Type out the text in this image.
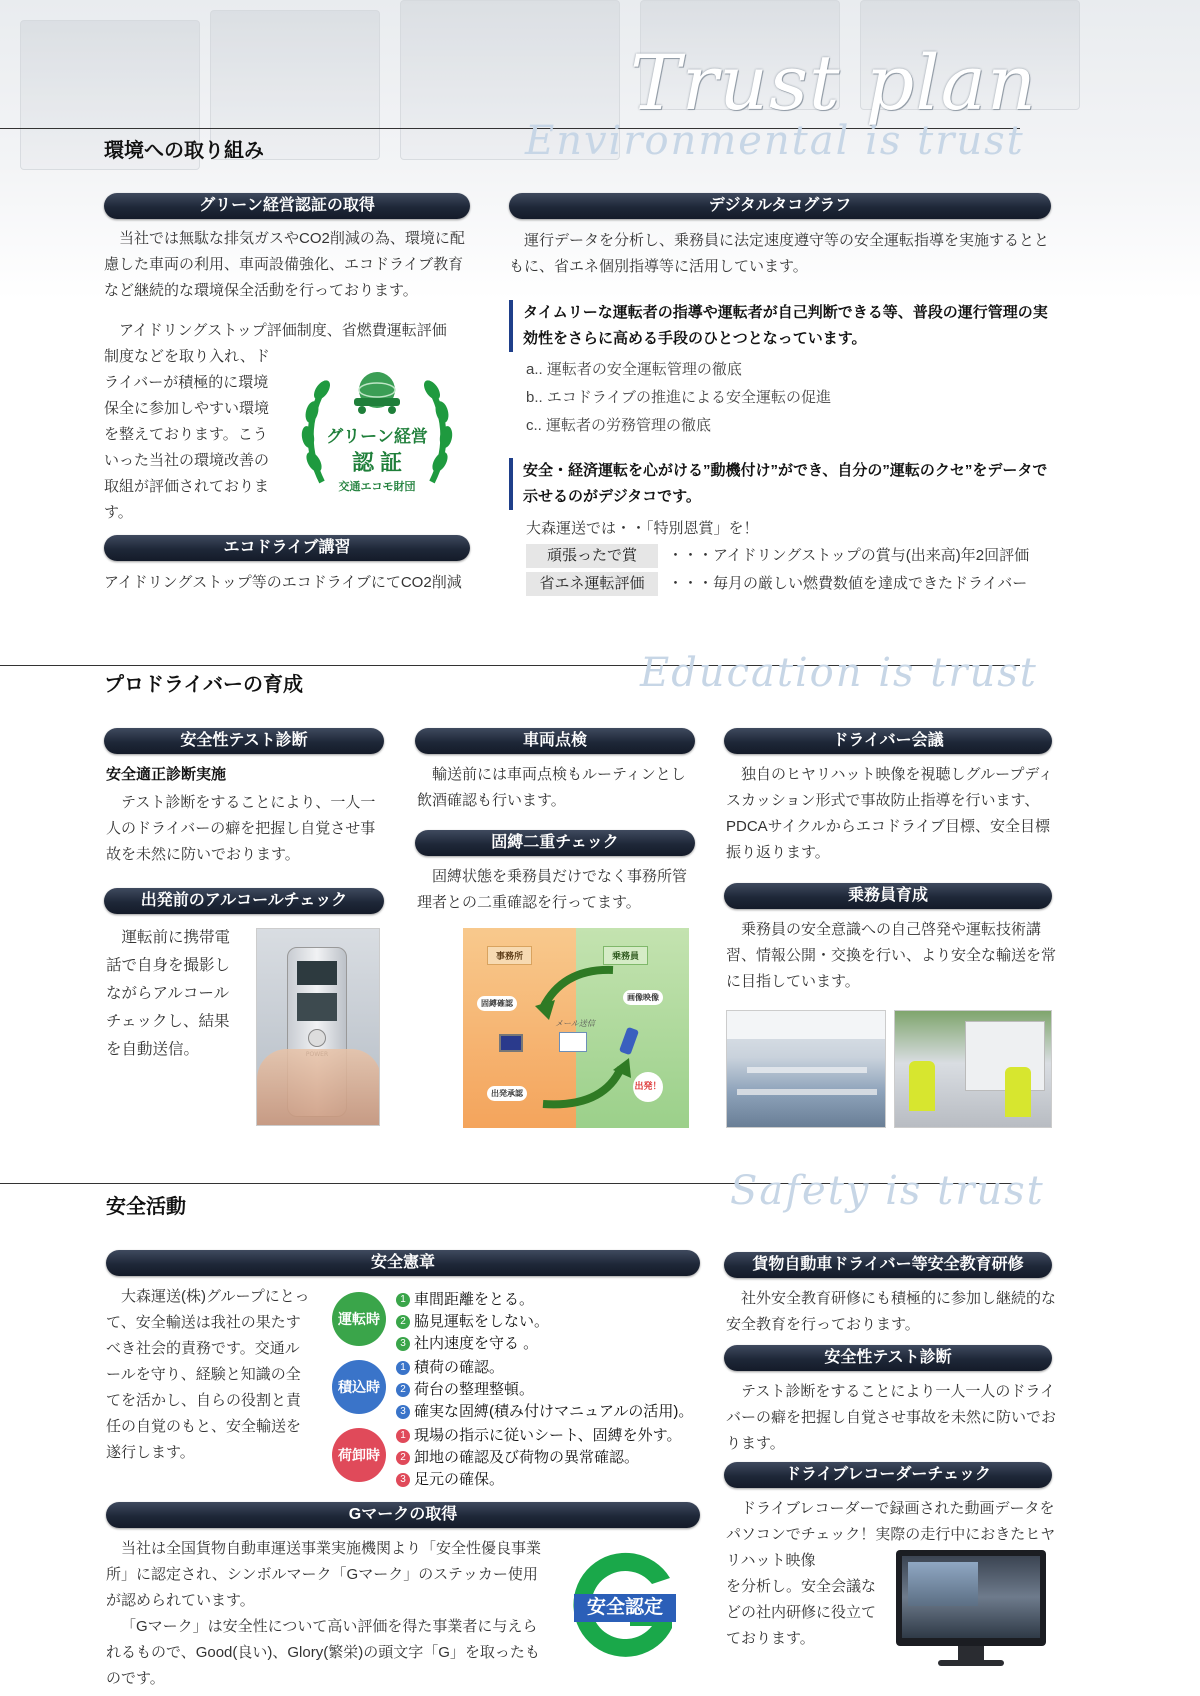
Trust plan
環境への取り組み	Environmental is trust
グリーン経営認証の取得
当社では無駄な排気ガスやCO2削減の為、環境に配慮した車両の利用、車両設備強化、エコドライブ教育など継続的な環境保全活動を行っております。
アイドリングストップ評価制度、省燃費運転評価
制度などを取り入れ、ドライバーが積極的に環境保全に参加しやすい環境を整えております。こういった当社の環境改善の取組が評価されております。
グリーン経営
認 証
交通エコモ財団
エコドライブ講習
アイドリングストップ等のエコドライブにてCO2削減
デジタルタコグラフ
運行データを分析し、乗務員に法定速度遵守等の安全運転指導を実施するとともに、省エネ個別指導等に活用しています。
タイムリーな運転者の指導や運転者が自己判断できる等、普段の運行管理の実効性をさらに高める手段のひとつとなっています。
a.. 運転者の安全運転管理の徹底
b.. エコドライブの推進による安全運転の促進
c.. 運転者の労務管理の徹底
安全・経済運転を心がける”動機付け”ができ、自分の”運転のクセ”をデータで示せるのがデジタコです。
大森運送では・・「特別恩賞」を！
頑張ったで賞	・・・アイドリングストップの賞与(出来高)年2回評価
省エネ運転評価	・・・毎月の厳しい燃費数値を達成できたドライバー
プロドライバーの育成	Education is trust
安全性テスト診断
安全適正診断実施
テスト診断をすることにより、一人一人のドライバーの癖を把握し自覚させ事故を未然に防いでおります。
出発前のアルコールチェック
運転前に携帯電話で自身を撮影しながらアルコールチェックし、結果を自動送信。
車両点検
輸送前には車両点検もルーティンとし飲酒確認も行います。
固縛二重チェック
固縛状態を乗務員だけでなく事務所管理者との二重確認を行ってます。
事務所	乗務員
固縛確認
画像映像
メール送信
出発承認
出発！
ドライバー会議
独自のヒヤリハット映像を視聴しグループディスカッション形式で事故防止指導を行います、PDCAサイクルからエコドライブ目標、安全目標振り返ります。
乗務員育成
乗務員の安全意識への自己啓発や運転技術講習、情報公開・交換を行い、より安全な輸送を常に目指しています。
安全活動	Safety is trust
安全憲章
大森運送(株)グループにとって、安全輸送は我社の果たすべき社会的責務です。交通ルールを守り、経験と知識の全てを活かし、自らの役割と責任の自覚のもと、安全輸送を遂行します。
運転時
1 車間距離をとる。
2 脇見運転をしない。
3 社内速度を守る 。
積込時
1 積荷の確認。
2 荷台の整理整頓。
3 確実な固縛(積み付けマニュアルの活用)。
荷卸時
1 現場の指示に従いシート、固縛を外す。
2 卸地の確認及び荷物の異常確認。
3 足元の確保。
Gマークの取得
当社は全国貨物自動車運送事業実施機関より「安全性優良事業所」に認定され、シンボルマーク「Gマーク」のステッカー使用が認められています。
「Gマーク」は安全性について高い評価を得た事業者に与えられるもので、Good(良い)、Glory(繁栄)の頭文字「G」を取ったものです。
安全認定
貨物自動車ドライバー等安全教育研修
社外安全教育研修にも積極的に参加し継続的な安全教育を行っております。
安全性テスト診断
テスト診断をすることにより一人一人のドライバーの癖を把握し自覚させ事故を未然に防いでおります。
ドライブレコーダーチェック
ドライブレコーダーで録画された動画データをパソコンでチェック！実際の走行中におきたヒヤリハット映像
を分析し。安全会議などの社内研修に役立てております。
